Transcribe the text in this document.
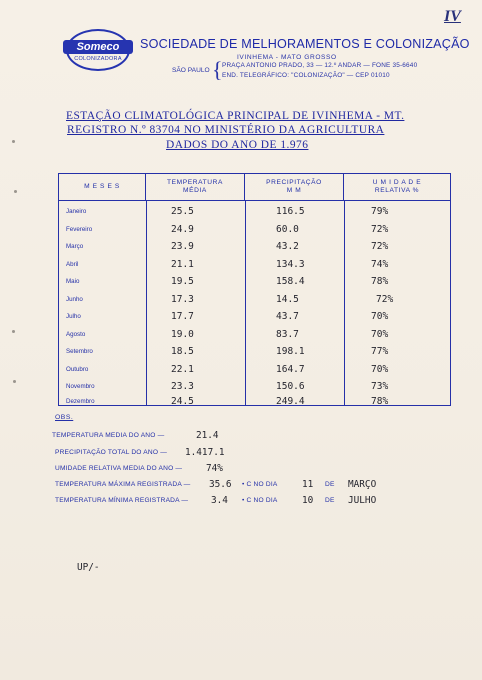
IV
Someco
COLONIZADORA
SOCIEDADE DE MELHORAMENTOS E COLONIZAÇÃO
IVINHEMA - MATO GROSSO
SÃO PAULO { PRAÇA ANTONIO PRADO, 33 — 12.º ANDAR — FONE 35-6640
END. TELEGRÁFICO: "COLONIZAÇÃO" — CEP 01010
ESTAÇÃO CLIMATOLÓGICA PRINCIPAL DE IVINHEMA - MT.
REGISTRO N.º 83704 NO MINISTÉRIO DA AGRICULTURA
DADOS DO ANO DE 1.976
M E S E S
TEMPERATURA
MÉDIA
PRECIPITAÇÃO
M M
U M I D A D E
RELATIVA %
Janeiro	25.5	116.5	79%
Fevereiro	24.9	60.0	72%
Março	23.9	43.2	72%
Abril	21.1	134.3	74%
Maio	19.5	158.4	78%
Junho	17.3	14.5	72%
Julho	17.7	43.7	70%
Agosto	19.0	83.7	70%
Setembro	18.5	198.1	77%
Outubro	22.1	164.7	70%
Novembro	23.3	150.6	73%
Dezembro	24.5	249.4	78%
OBS.
TEMPERATURA MEDIA DO ANO —	21.4
PRECIPITAÇÃO TOTAL DO ANO — 1.417.1
UMIDADE RELATIVA MEDIA DO ANO —	74%
TEMPERATURA MÁXIMA REGISTRADA — 35.6 • C NO DIA	11 DE MARÇO
TEMPERATURA MÍNIMA REGISTRADA — 3.4 • C NO DIA	10 DE JULHO
UP/-
